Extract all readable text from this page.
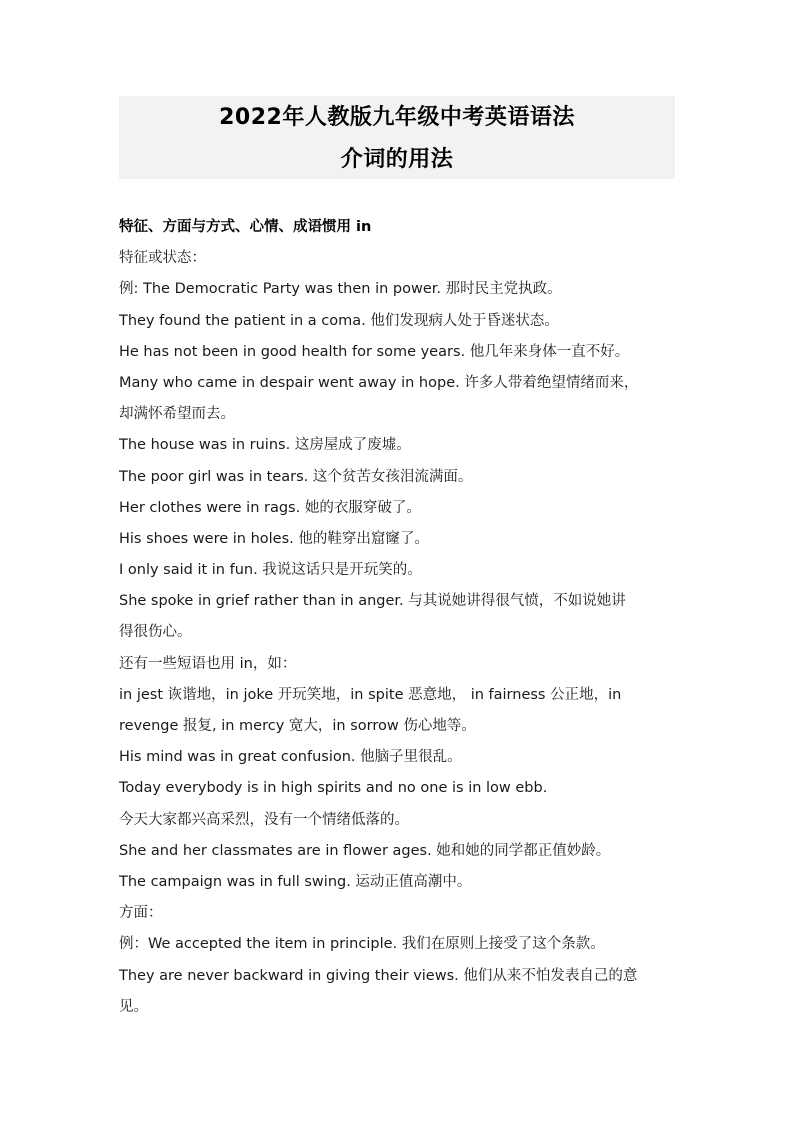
2022年人教版九年级中考英语语法
介词的用法
特征、方面与方式、心情、成语惯用 in
特征或状态：
例: The Democratic Party was then in power. 那时民主党执政。
They found the patient in a coma. 他们发现病人处于昏迷状态。
He has not been in good health for some years. 他几年来身体一直不好。
Many who came in despair went away in hope. 许多人带着绝望情绪而来，
却满怀希望而去。
The house was in ruins. 这房屋成了废墟。
The poor girl was in tears. 这个贫苦女孩泪流满面。
Her clothes were in rags. 她的衣服穿破了。
His shoes were in holes. 他的鞋穿出窟窿了。
I only said it in fun. 我说这话只是开玩笑的。
She spoke in grief rather than in anger. 与其说她讲得很气愤，不如说她讲
得很伤心。
还有一些短语也用 in，如：
in jest 诙谐地，in joke 开玩笑地，in spite 恶意地， in fairness 公正地，in
revenge 报复, in mercy 宽大，in sorrow 伤心地等。
His mind was in great confusion. 他脑子里很乱。
Today everybody is in high spirits and no one is in low ebb.
今天大家都兴高采烈，没有一个情绪低落的。
She and her classmates are in flower ages. 她和她的同学都正值妙龄。
The campaign was in full swing. 运动正值高潮中。
方面：
例：We accepted the item in principle. 我们在原则上接受了这个条款。
They are never backward in giving their views. 他们从来不怕发表自己的意
见。
